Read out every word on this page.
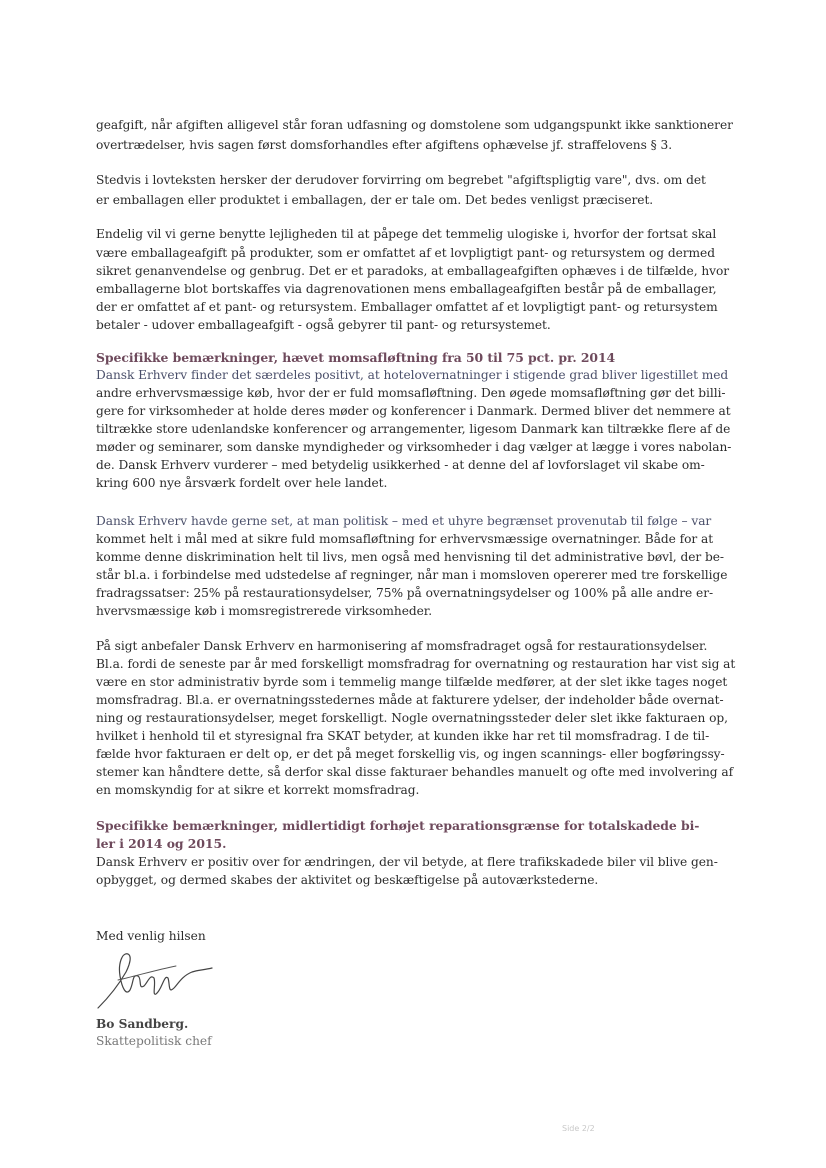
geafgift, når afgiften alligevel står foran udfasning og domstolene som udgangspunkt ikke sanktionerer
overtrædelser, hvis sagen først domsforhandles efter afgiftens ophævelse jf. straffelovens § 3.
Stedvis i lovteksten hersker der derudover forvirring om begrebet "afgiftspligtig vare", dvs. om det
er emballagen eller produktet i emballagen, der er tale om. Det bedes venligst præciseret.
Endelig vil vi gerne benytte lejligheden til at påpege det temmelig ulogiske i, hvorfor der fortsat skal
være emballageafgift på produkter, som er omfattet af et lovpligtigt pant- og retursystem og dermed
sikret genanvendelse og genbrug. Det er et paradoks, at emballageafgiften ophæves i de tilfælde, hvor
emballagerne blot bortskaffes via dagrenovationen mens emballageafgiften består på de emballager,
der er omfattet af et pant- og retursystem. Emballager omfattet af et lovpligtigt pant- og retursystem
betaler - udover emballageafgift - også gebyrer til pant- og retursystemet.
Specifikke bemærkninger, hævet momsafløftning fra 50 til 75 pct. pr. 2014
Dansk Erhverv finder det særdeles positivt, at hotelovernatninger i stigende grad bliver ligestillet med
andre erhvervsmæssige køb, hvor der er fuld momsafløftning. Den øgede momsafløftning gør det billi-
gere for virksomheder at holde deres møder og konferencer i Danmark. Dermed bliver det nemmere at
tiltrække store udenlandske konferencer og arrangementer, ligesom Danmark kan tiltrække flere af de
møder og seminarer, som danske myndigheder og virksomheder i dag vælger at lægge i vores nabolan-
de. Dansk Erhverv vurderer – med betydelig usikkerhed - at denne del af lovforslaget vil skabe om-
kring 600 nye årsværk fordelt over hele landet.
Dansk Erhverv havde gerne set, at man politisk – med et uhyre begrænset provenutab til følge – var
kommet helt i mål med at sikre fuld momsafløftning for erhvervsmæssige overnatninger. Både for at
komme denne diskrimination helt til livs, men også med henvisning til det administrative bøvl, der be-
står bl.a. i forbindelse med udstedelse af regninger, når man i momsloven opererer med tre forskellige
fradragssatser: 25% på restaurationsydelser, 75% på overnatningsydelser og 100% på alle andre er-
hvervsmæssige køb i momsregistrerede virksomheder.
På sigt anbefaler Dansk Erhverv en harmonisering af momsfradraget også for restaurationsydelser.
Bl.a. fordi de seneste par år med forskelligt momsfradrag for overnatning og restauration har vist sig at
være en stor administrativ byrde som i temmelig mange tilfælde medfører, at der slet ikke tages noget
momsfradrag. Bl.a. er overnatningsstedernes måde at fakturere ydelser, der indeholder både overnat-
ning og restaurationsydelser, meget forskelligt. Nogle overnatningssteder deler slet ikke fakturaen op,
hvilket i henhold til et styresignal fra SKAT betyder, at kunden ikke har ret til momsfradrag. I de til-
fælde hvor fakturaen er delt op, er det på meget forskellig vis, og ingen scannings- eller bogføringssy-
stemer kan håndtere dette, så derfor skal disse fakturaer behandles manuelt og ofte med involvering af
en momskyndig for at sikre et korrekt momsfradrag.
Specifikke bemærkninger, midlertidigt forhøjet reparationsgrænse for totalskadede bi-
ler i 2014 og 2015.
Dansk Erhverv er positiv over for ændringen, der vil betyde, at flere trafikskadede biler vil blive gen-
opbygget, og dermed skabes der aktivitet og beskæftigelse på autoværkstederne.
Med venlig hilsen
Bo Sandberg.
Skattepolitisk chef
Side 2/2
